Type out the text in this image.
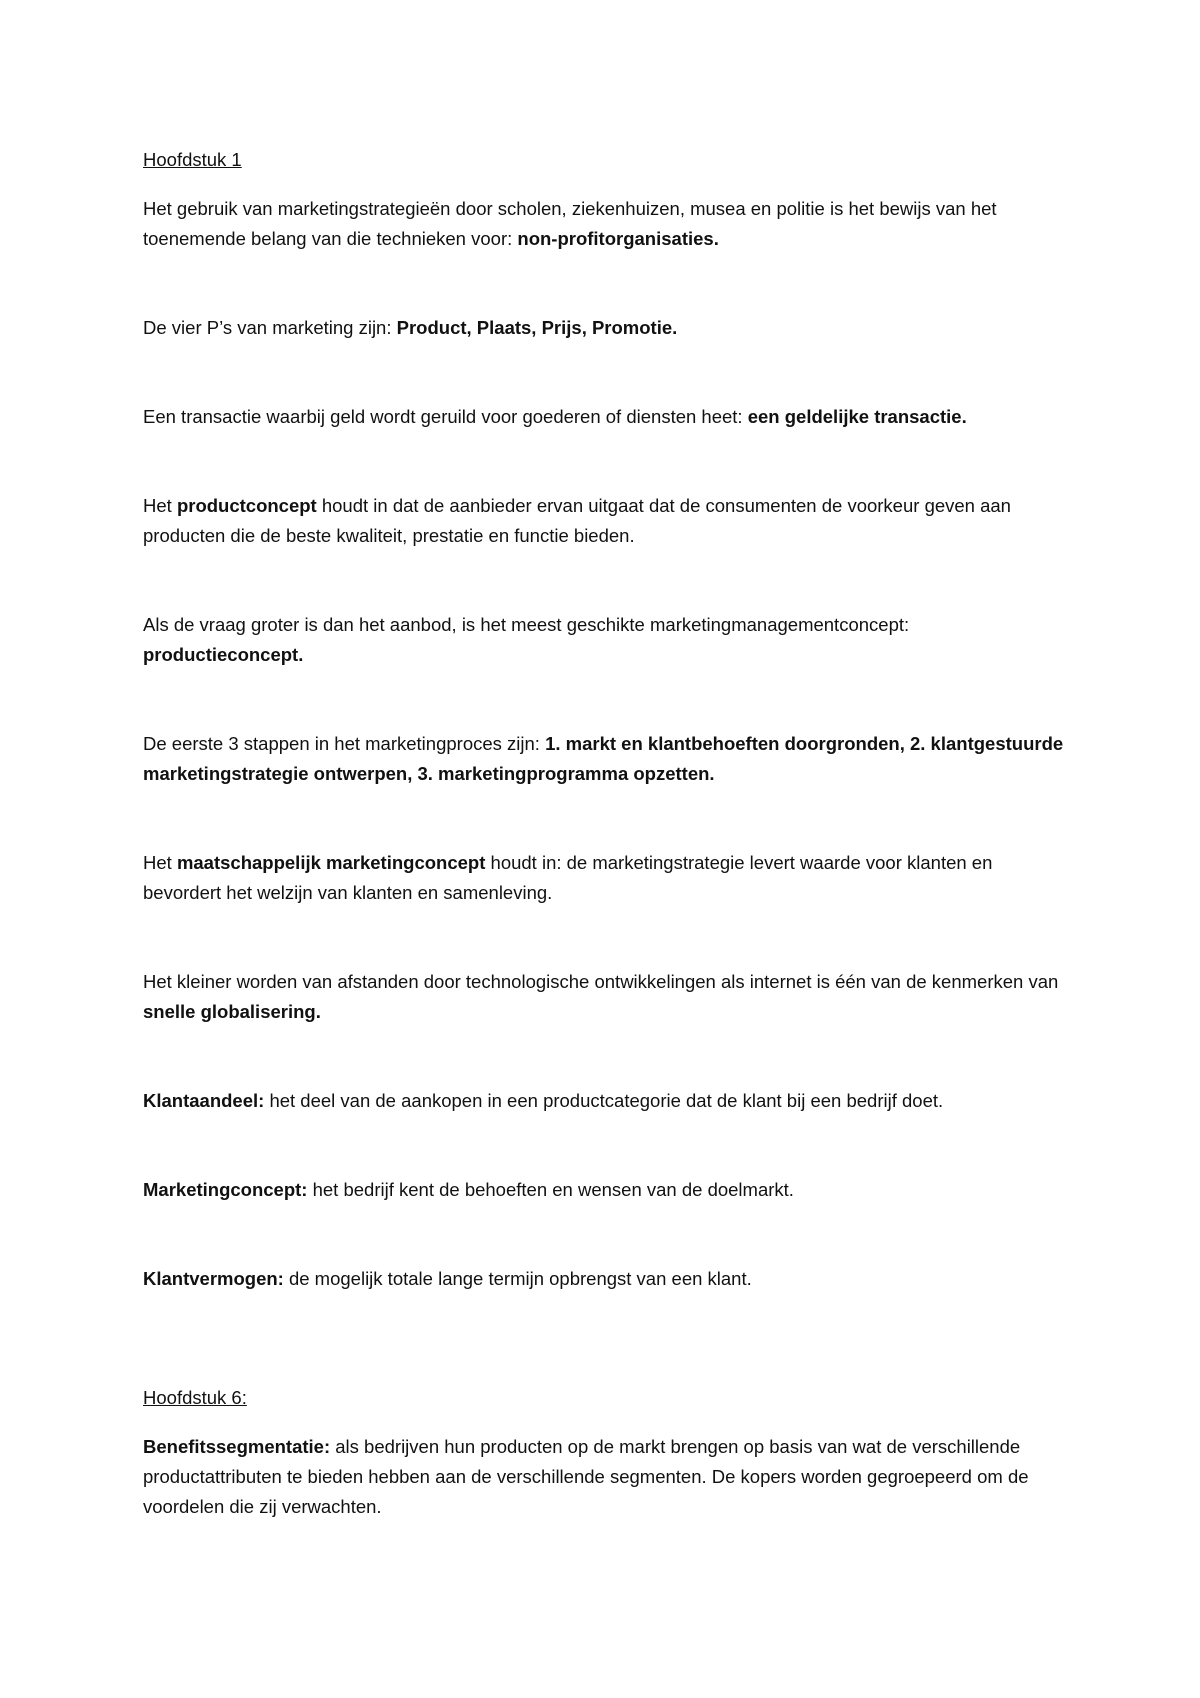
Hoofdstuk 1

Het gebruik van marketingstrategieën door scholen, ziekenhuizen, musea en politie is het bewijs van het toenemende belang van die technieken voor: non-profitorganisaties.

De vier P’s van marketing zijn: Product, Plaats, Prijs, Promotie.

Een transactie waarbij geld wordt geruild voor goederen of diensten heet: een geldelijke transactie.

Het productconcept houdt in dat de aanbieder ervan uitgaat dat de consumenten de voorkeur geven aan producten die de beste kwaliteit, prestatie en functie bieden.

Als de vraag groter is dan het aanbod, is het meest geschikte marketingmanagementconcept: productieconcept.

De eerste 3 stappen in het marketingproces zijn: 1. markt en klantbehoeften doorgronden, 2. klantgestuurde marketingstrategie ontwerpen, 3. marketingprogramma opzetten.

Het maatschappelijk marketingconcept houdt in: de marketingstrategie levert waarde voor klanten en bevordert het welzijn van klanten en samenleving.

Het kleiner worden van afstanden door technologische ontwikkelingen als internet is één van de kenmerken van snelle globalisering.

Klantaandeel: het deel van de aankopen in een productcategorie dat de klant bij een bedrijf doet.

Marketingconcept: het bedrijf kent de behoeften en wensen van de doelmarkt.

Klantvermogen: de mogelijk totale lange termijn opbrengst van een klant.

Hoofdstuk 6:

Benefitssegmentatie: als bedrijven hun producten op de markt brengen op basis van wat de verschillende productattributen te bieden hebben aan de verschillende segmenten. De kopers worden gegroepeerd om de voordelen die zij verwachten.
